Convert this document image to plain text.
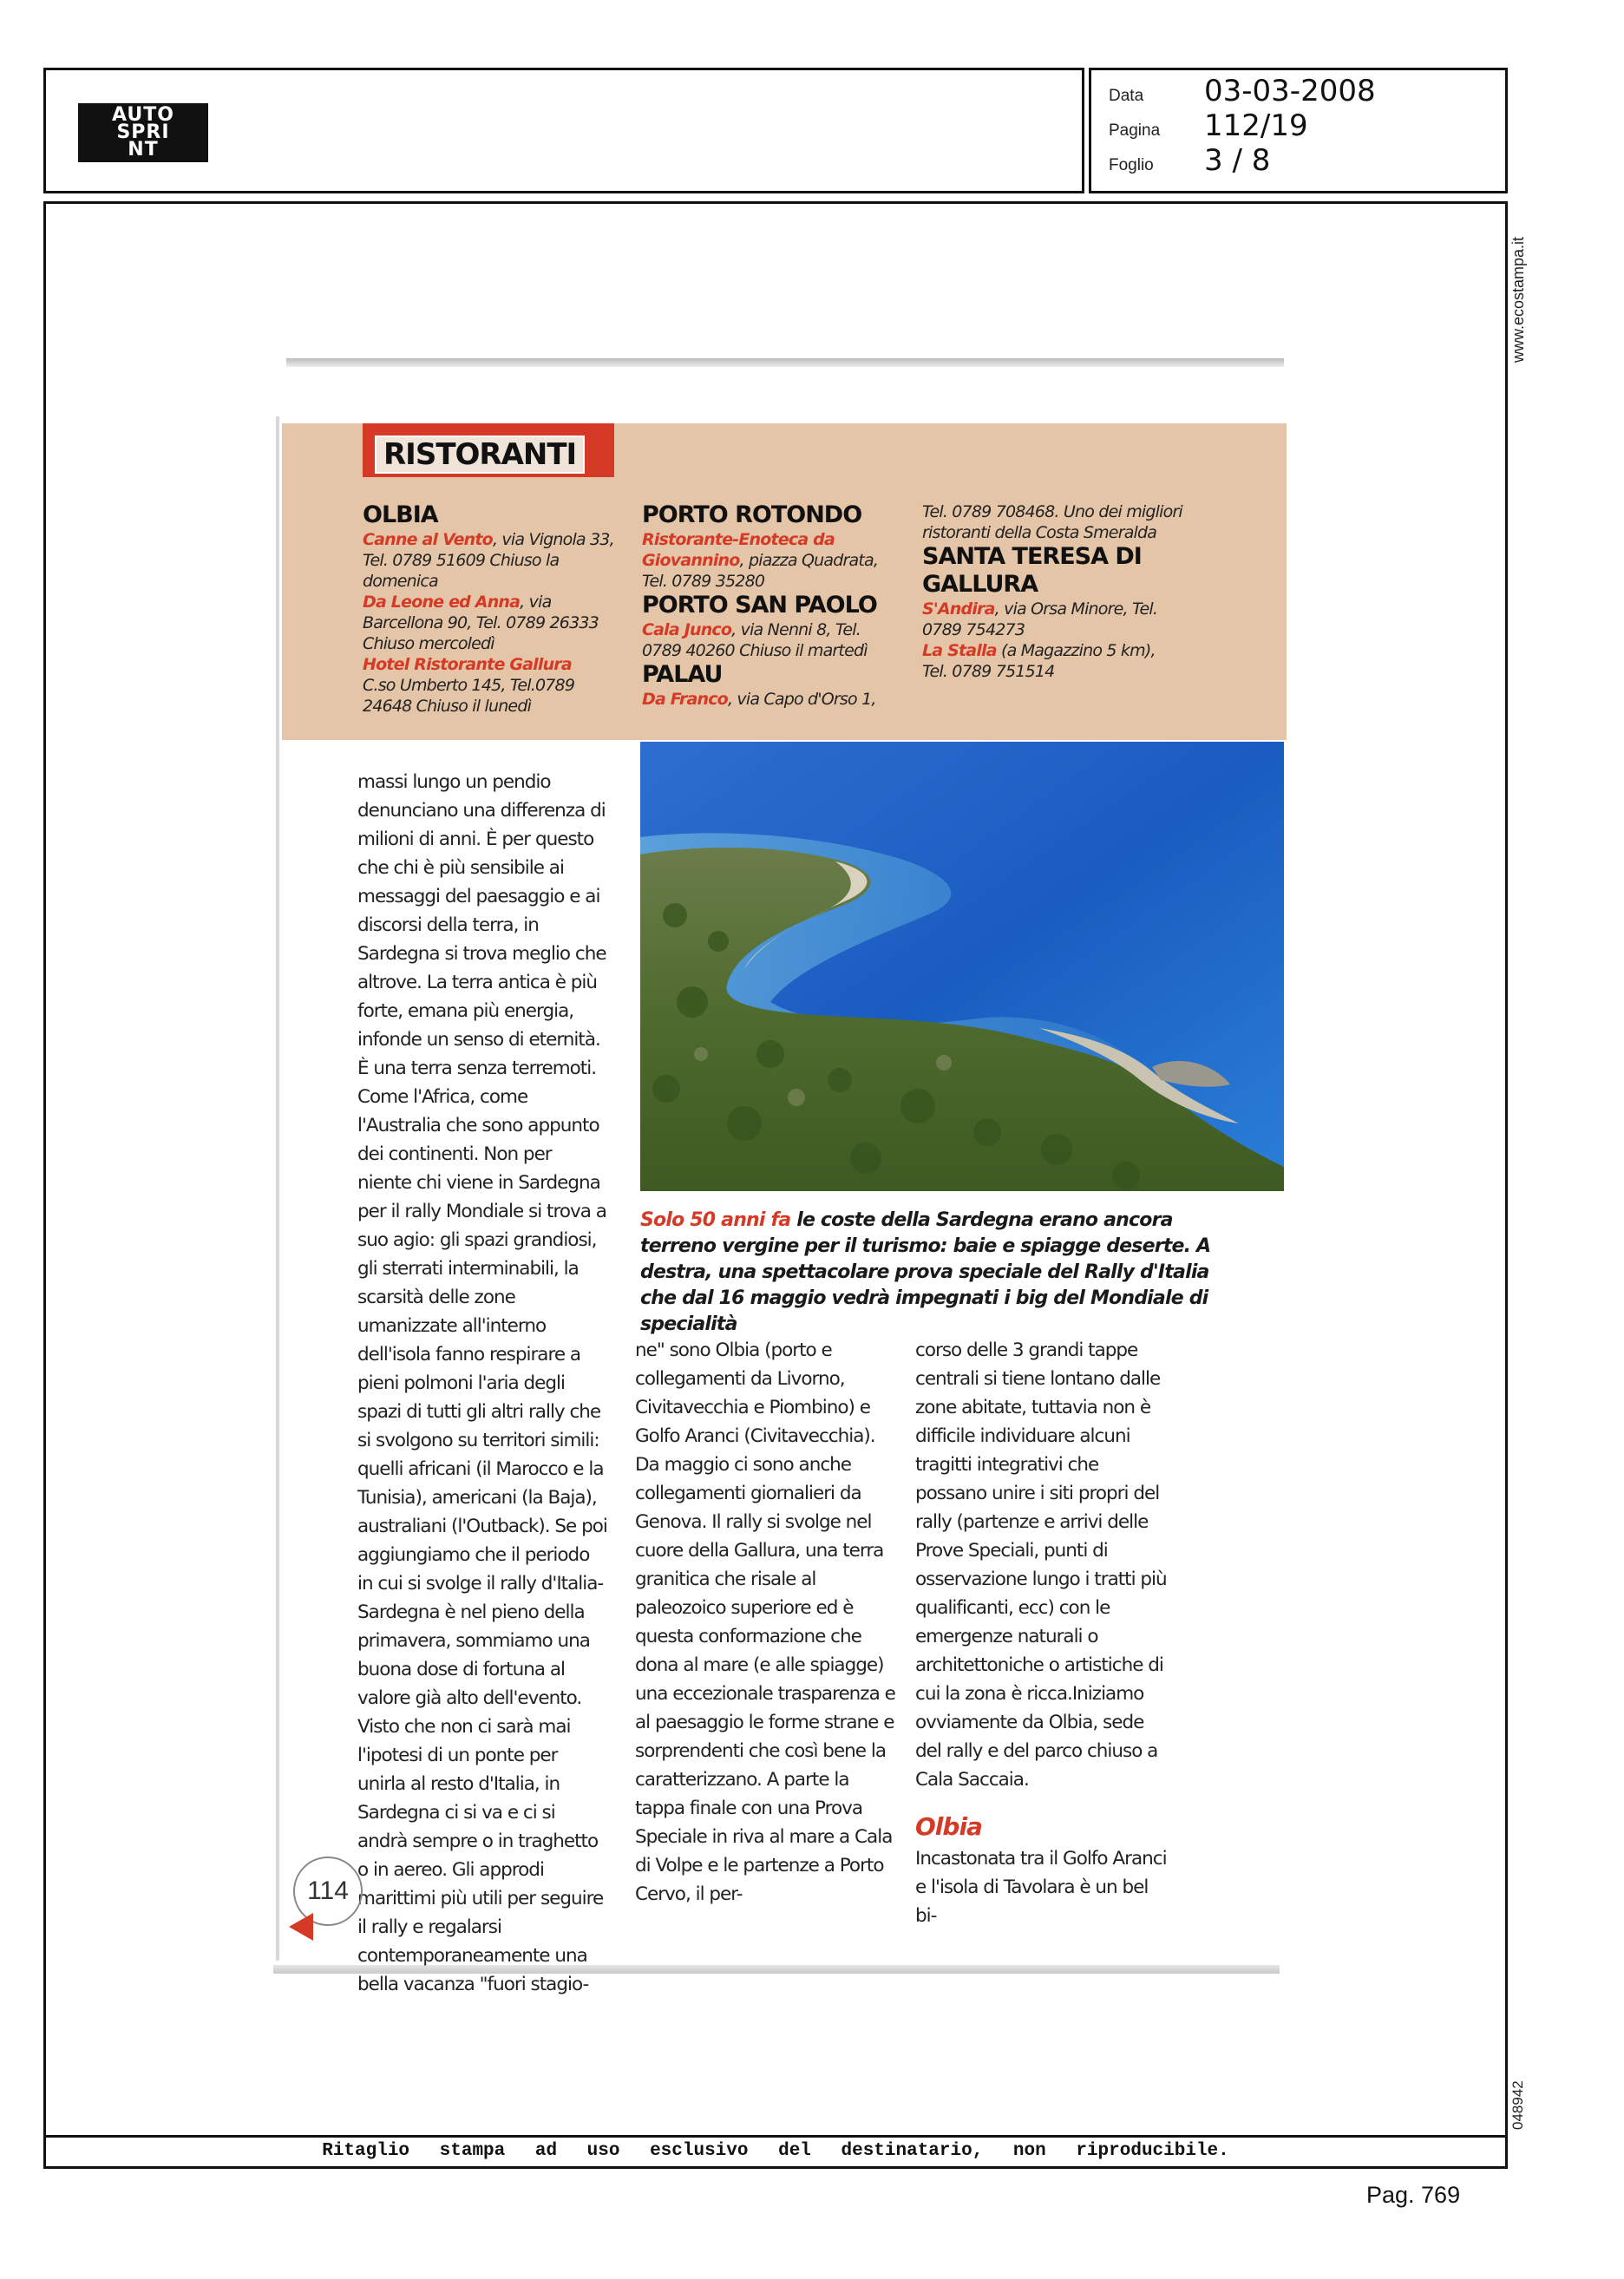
AUTO
SPRI
NT
Data	03-03-2008
Pagina	112/19
Foglio	3 / 8
www.ecostampa.it
048942
RISTORANTI
OLBIA
Canne al Vento, via Vignola 33, Tel. 0789 51609 Chiuso la domenica
Da Leone ed Anna, via Barcellona 90, Tel. 0789 26333 Chiuso mercoledì
Hotel Ristorante Gallura
C.so Umberto 145, Tel.0789 24648 Chiuso il lunedì
PORTO ROTONDO
Ristorante-Enoteca da Giovannino, piazza Quadrata, Tel. 0789 35280
PORTO SAN PAOLO
Cala Junco, via Nenni 8, Tel. 0789 40260 Chiuso il martedì
PALAU
Da Franco, via Capo d'Orso 1,
Tel. 0789 708468. Uno dei migliori ristoranti della Costa Smeralda
SANTA TERESA DI GALLURA
S'Andira, via Orsa Minore, Tel. 0789 754273
La Stalla (a Magazzino 5 km), Tel. 0789 751514
Solo 50 anni fa le coste della Sardegna erano ancora terreno vergine per il turismo: baie e spiagge deserte. A destra, una spettacolare prova speciale del Rally d'Italia che dal 16 maggio vedrà impegnati i big del Mondiale di specialità

massi lungo un pendio denunciano una differenza di milioni di anni. È per questo che chi è più sensibile ai messaggi del paesaggio e ai discorsi della terra, in Sardegna si trova meglio che altrove. La terra antica è più forte, emana più energia, infonde un senso di eternità. È una terra senza terremoti. Come l'Africa, come l'Australia che sono appunto dei continenti. Non per niente chi viene in Sardegna per il rally Mondiale si trova a suo agio: gli spazi grandiosi, gli sterrati interminabili, la scarsità delle zone umanizzate all'interno dell'isola fanno respirare a pieni polmoni l'aria degli spazi di tutti gli altri rally che si svolgono su territori simili: quelli africani (il Marocco e la Tunisia), americani (la Baja), australiani (l'Outback). Se poi aggiungiamo che il periodo in cui si svolge il rally d'Italia-Sardegna è nel pieno della primavera, sommiamo una buona dose di fortuna al valore già alto dell'evento. Visto che non ci sarà mai l'ipotesi di un ponte per unirla al resto d'Italia, in Sardegna ci si va e ci si andrà sempre o in traghetto o in aereo. Gli approdi marittimi più utili per seguire il rally e regalarsi contemporaneamente una bella vacanza "fuori stagio-

ne" sono Olbia (porto e collegamenti da Livorno, Civitavecchia e Piombino) e Golfo Aranci (Civitavecchia). Da maggio ci sono anche collegamenti giornalieri da Genova. Il rally si svolge nel cuore della Gallura, una terra granitica che risale al paleozoico superiore ed è questa conformazione che dona al mare (e alle spiagge) una eccezionale trasparenza e al paesaggio le forme strane e sorprendenti che così bene la caratterizzano. A parte la tappa finale con una Prova Speciale in riva al mare a Cala di Volpe e le partenze a Porto Cervo, il per-

corso delle 3 grandi tappe centrali si tiene lontano dalle zone abitate, tuttavia non è difficile individuare alcuni tragitti integrativi che possano unire i siti propri del rally (partenze e arrivi delle Prove Speciali, punti di osservazione lungo i tratti più qualificanti, ecc) con le emergenze naturali o architettoniche o artistiche di cui la zona è ricca.Iniziamo ovviamente da Olbia, sede del rally e del parco chiuso a Cala Saccaia.

Olbia

Incastonata tra il Golfo Aranci e l'isola di Tavolara è un bel bi-

114
Ritaglio stampa ad uso esclusivo del destinatario, non riproducibile.
Pag. 769
